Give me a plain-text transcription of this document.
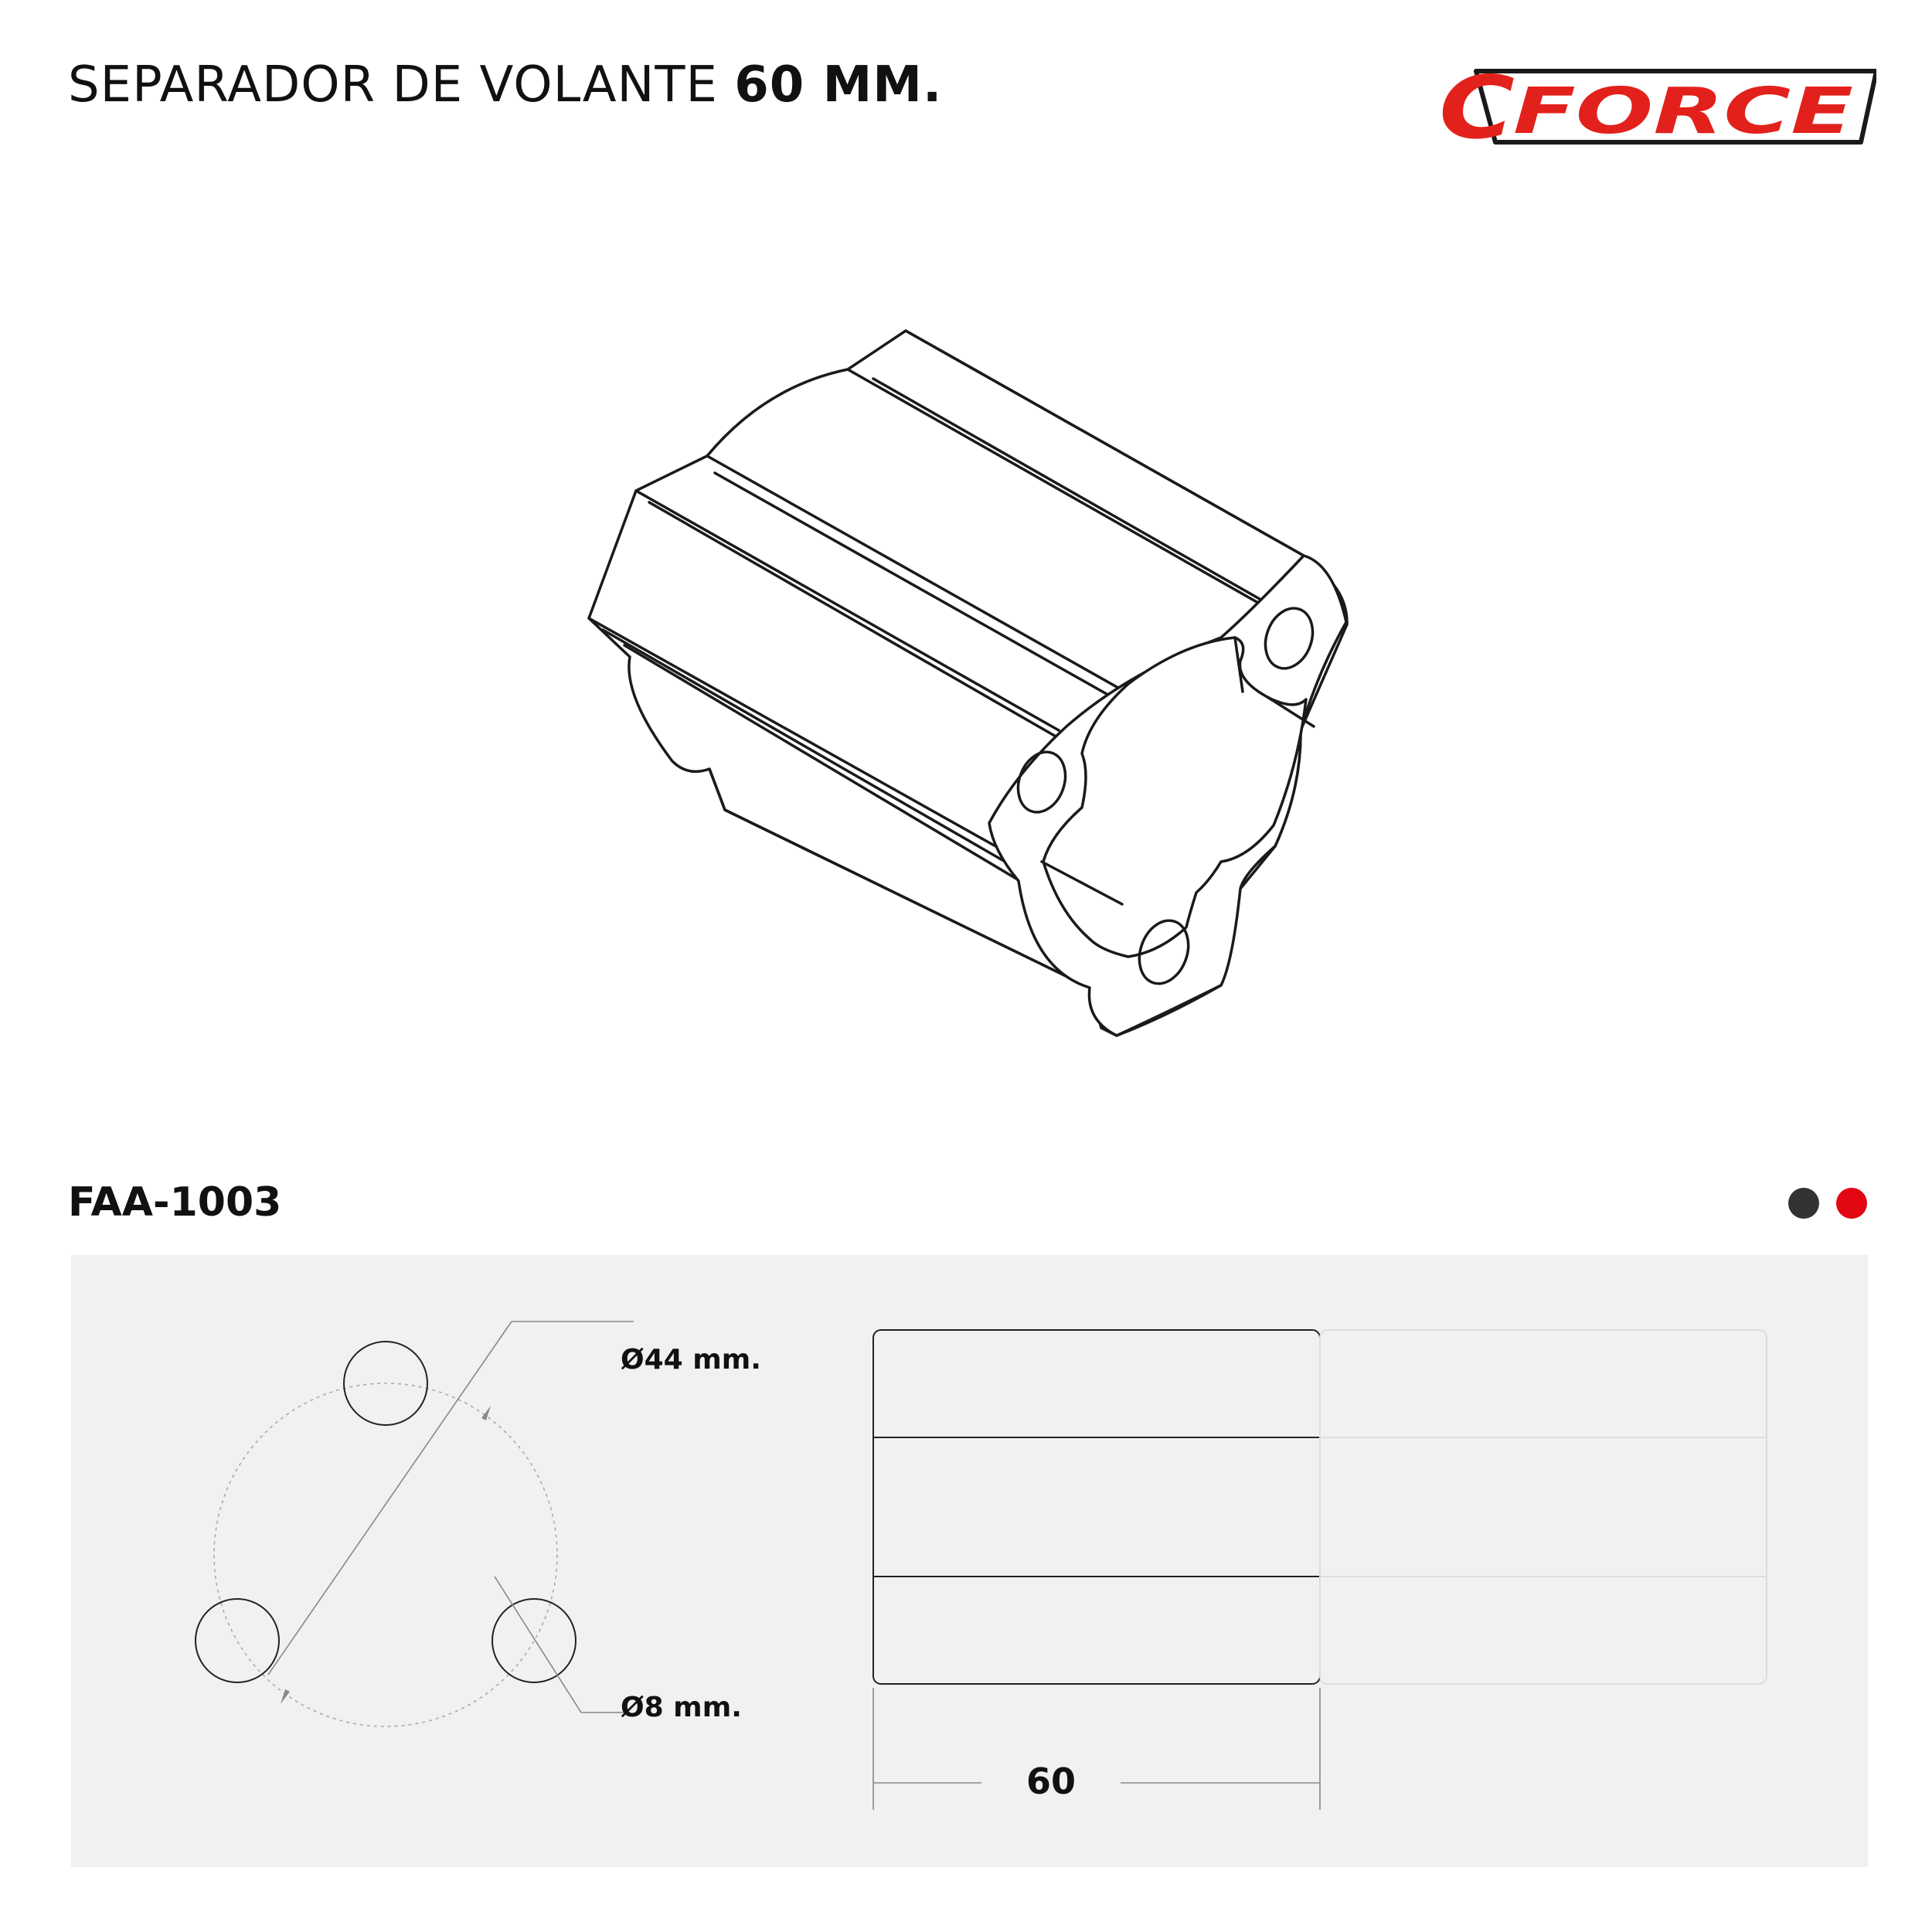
SEPARADOR DE VOLANTE 60 MM.	C
FORCE
FAA-1003
Ø44 mm.
Ø8 mm.
60
